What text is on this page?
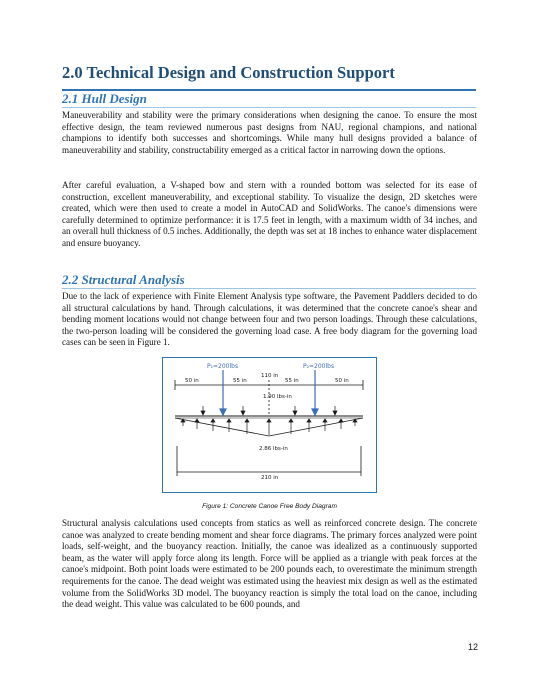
2.0 Technical Design and Construction Support
2.1 Hull Design
Maneuverability and stability were the primary considerations when designing the canoe. To ensure the most effective design, the team reviewed numerous past designs from NAU, regional champions, and national champions to identify both successes and shortcomings. While many hull designs provided a balance of maneuverability and stability, constructability emerged as a critical factor in narrowing down the options.
After careful evaluation, a V-shaped bow and stern with a rounded bottom was selected for its ease of construction, excellent maneuverability, and exceptional stability. To visualize the design, 2D sketches were created, which were then used to create a model in AutoCAD and SolidWorks. The canoe's dimensions were carefully determined to optimize performance: it is 17.5 feet in length, with a maximum width of 34 inches, and an overall hull thickness of 0.5 inches. Additionally, the depth was set at 18 inches to enhance water displacement and ensure buoyancy.
2.2 Structural Analysis
Due to the lack of experience with Finite Element Analysis type software, the Pavement Paddlers decided to do all structural calculations by hand. Through calculations, it was determined that the concrete canoe's shear and bending moment locations would not change between four and two person loadings. Through these calculations, the two-person loading will be considered the governing load case. A free body diagram for the governing load cases can be seen in Figure 1.
P₁=200lbs	P₂=200lbs
50 in	55 in
110 in
55 in	50 in
1.90 lbs-in
2.86 lbs-in
210 in
Figure 1: Concrete Canoe Free Body Diagram
Structural analysis calculations used concepts from statics as well as reinforced concrete design. The concrete canoe was analyzed to create bending moment and shear force diagrams. The primary forces analyzed were point loads, self-weight, and the buoyancy reaction. Initially, the canoe was idealized as a continuously supported beam, as the water will apply force along its length. Force will be applied as a triangle with peak forces at the canoe's midpoint. Both point loads were estimated to be 200 pounds each, to overestimate the minimum strength requirements for the canoe. The dead weight was estimated using the heaviest mix design as well as the estimated volume from the SolidWorks 3D model. The buoyancy reaction is simply the total load on the canoe, including the dead weight. This value was calculated to be 600 pounds, and
12
